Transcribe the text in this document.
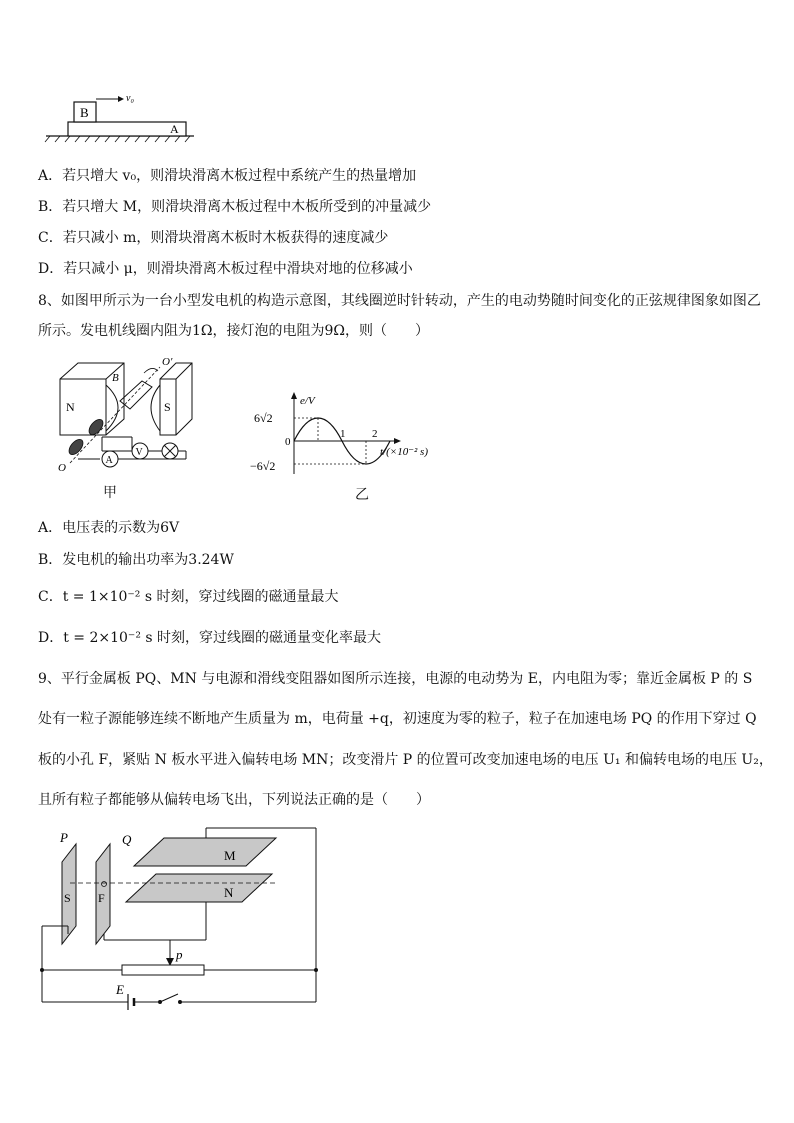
B
A
v₀
A．若只增大 v₀，则滑块滑离木板过程中系统产生的热量增加
B．若只增大 M，则滑块滑离木板过程中木板所受到的冲量减少
C．若只减小 m，则滑块滑离木板时木板获得的速度减少
D．若只减小 μ，则滑块滑离木板过程中滑块对地的位移减小
8、如图甲所示为一台小型发电机的构造示意图，其线圈逆时针转动，产生的电动势随时间变化的正弦规律图象如图乙
所示。发电机线圈内阻为1Ω，接灯泡的电阻为9Ω，则（　　）
N	S
B
O′
O
A
V
甲
e/V
t/(×10⁻² s)
6√2
−6√2
0
1 2
乙
A．电压表的示数为6V
B．发电机的输出功率为3.24W
C．t = 1×10⁻² s 时刻，穿过线圈的磁通量最大
D．t = 2×10⁻² s 时刻，穿过线圈的磁通量变化率最大
9、平行金属板 PQ、MN 与电源和滑线变阻器如图所示连接，电源的电动势为 E，内电阻为零；靠近金属板 P 的 S
处有一粒子源能够连续不断地产生质量为 m，电荷量 +q，初速度为零的粒子，粒子在加速电场 PQ 的作用下穿过 Q
板的小孔 F，紧贴 N 板水平进入偏转电场 MN；改变滑片 P 的位置可改变加速电场的电压 U₁ 和偏转电场的电压 U₂，
且所有粒子都能够从偏转电场飞出，下列说法正确的是（　　）
P	Q
S F
M
N
p
E
